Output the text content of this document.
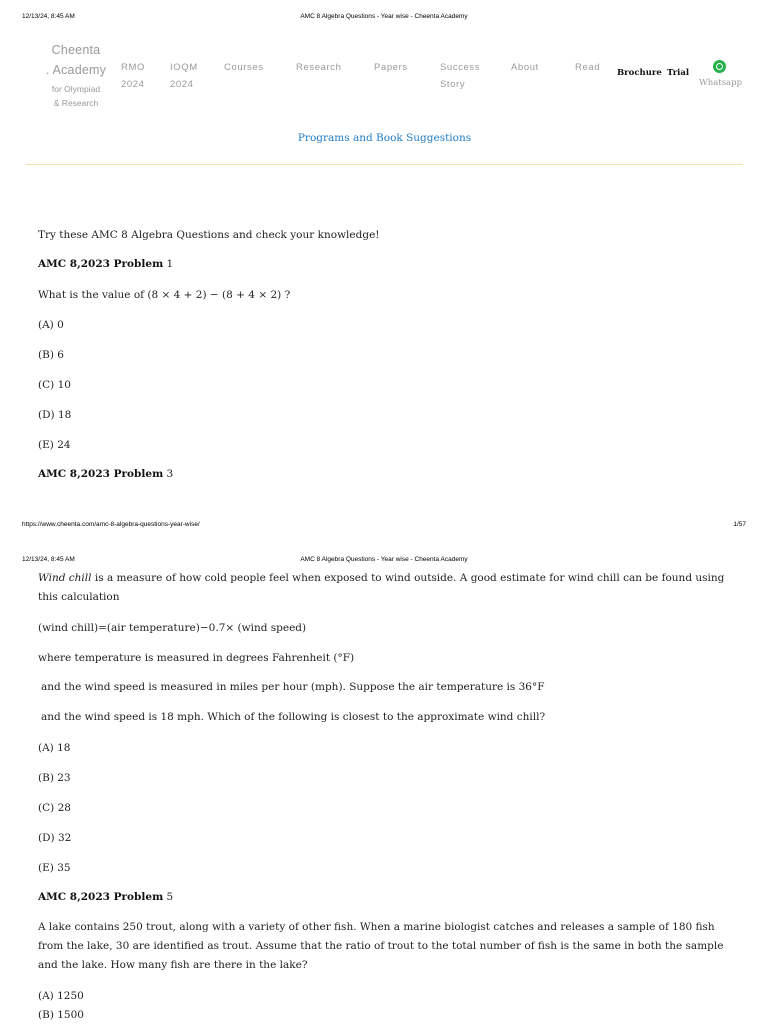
12/13/24, 8:45 AM	AMC 8 Algebra Questions - Year wise - Cheenta Academy
Cheenta
. Academy
for Olympiad
& Research
RMO
2024
IOQM
2024
Courses	Research	Papers	Success
Story
About	Read Brochure Trial
Whatsapp
Programs and Book Suggestions
Try these AMC 8 Algebra Questions and check your knowledge!
AMC 8,2023 Problem 1
What is the value of (8 × 4 + 2) − (8 + 4 × 2) ?
(A) 0
(B) 6
(C) 10
(D) 18
(E) 24
AMC 8,2023 Problem 3
https://www.cheenta.com/amc-8-algebra-questions-year-wise/	1/57
12/13/24, 8:45 AM	AMC 8 Algebra Questions - Year wise - Cheenta Academy
Wind chill is a measure of how cold people feel when exposed to wind outside. A good estimate for wind chill can be found using this calculation
(wind chill)=(air temperature)−0.7× (wind speed)
where temperature is measured in degrees Fahrenheit (°F)
and the wind speed is measured in miles per hour (mph). Suppose the air temperature is 36°F
and the wind speed is 18 mph. Which of the following is closest to the approximate wind chill?
(A) 18
(B) 23
(C) 28
(D) 32
(E) 35
AMC 8,2023 Problem 5
A lake contains 250 trout, along with a variety of other fish. When a marine biologist catches and releases a sample of 180 fish from the lake, 30 are identified as trout. Assume that the ratio of trout to the total number of fish is the same in both the sample and the lake. How many fish are there in the lake?
(A) 1250
(B) 1500
